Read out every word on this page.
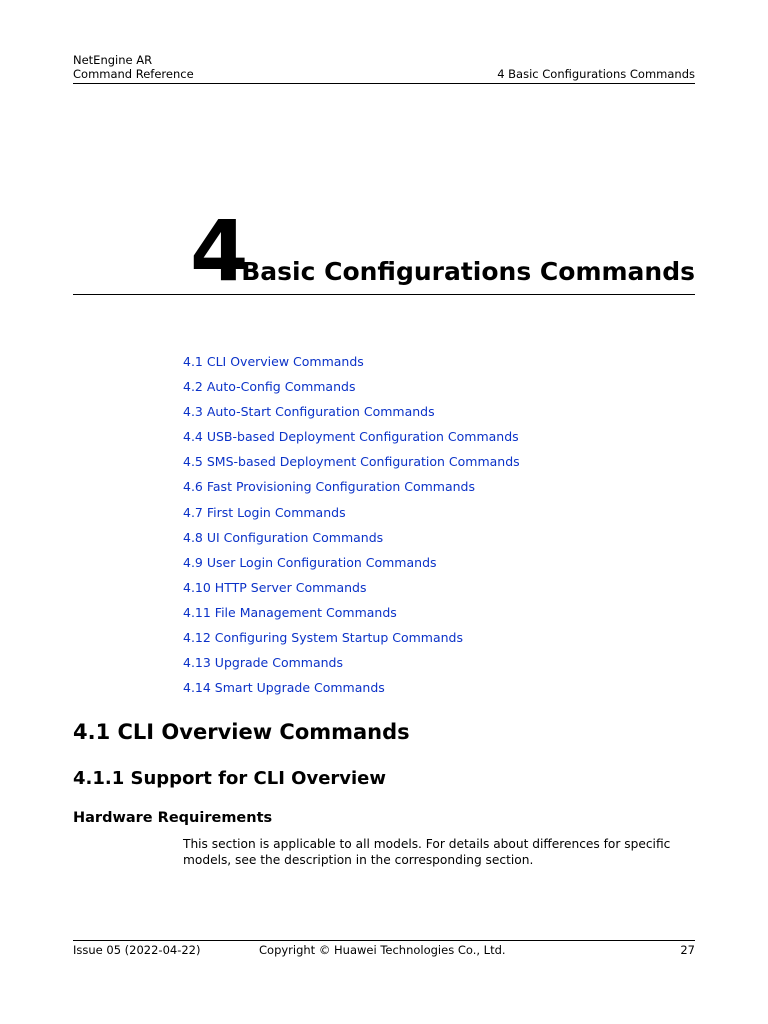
NetEngine AR
Command Reference	4 Basic Configurations Commands
4
Basic Configurations Commands
4.1 CLI Overview Commands
4.2 Auto-Config Commands
4.3 Auto-Start Configuration Commands
4.4 USB-based Deployment Configuration Commands
4.5 SMS-based Deployment Configuration Commands
4.6 Fast Provisioning Configuration Commands
4.7 First Login Commands
4.8 UI Configuration Commands
4.9 User Login Configuration Commands
4.10 HTTP Server Commands
4.11 File Management Commands
4.12 Configuring System Startup Commands
4.13 Upgrade Commands
4.14 Smart Upgrade Commands
4.1 CLI Overview Commands
4.1.1 Support for CLI Overview
Hardware Requirements

This section is applicable to all models. For details about differences for specific models, see the description in the corresponding section.

Issue 05 (2022-04-22)	Copyright © Huawei Technologies Co., Ltd.	27
